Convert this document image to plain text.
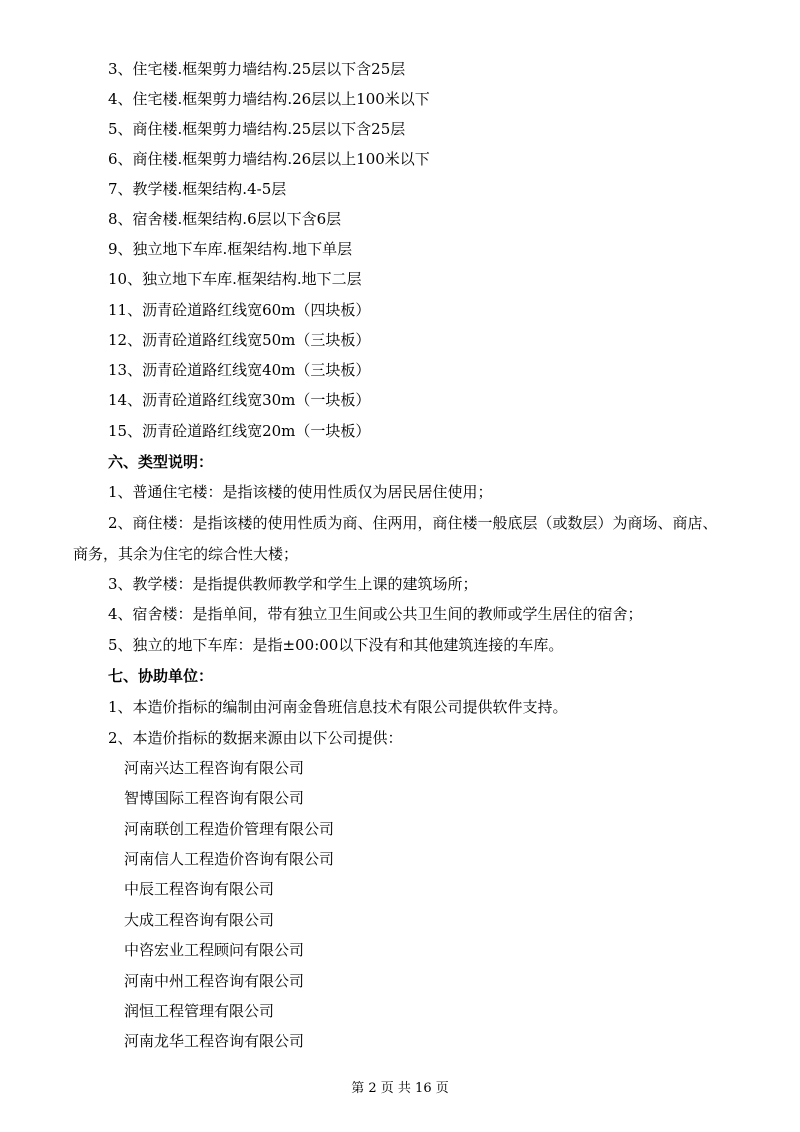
3、住宅楼.框架剪力墙结构.25层以下含25层
4、住宅楼.框架剪力墙结构.26层以上100米以下
5、商住楼.框架剪力墙结构.25层以下含25层
6、商住楼.框架剪力墙结构.26层以上100米以下
7、教学楼.框架结构.4-5层
8、宿舍楼.框架结构.6层以下含6层
9、独立地下车库.框架结构.地下单层
10、独立地下车库.框架结构.地下二层
11、沥青砼道路红线宽60m（四块板）
12、沥青砼道路红线宽50m（三块板）
13、沥青砼道路红线宽40m（三块板）
14、沥青砼道路红线宽30m（一块板）
15、沥青砼道路红线宽20m（一块板）
六、类型说明：
1、普通住宅楼：是指该楼的使用性质仅为居民居住使用；
2、商住楼：是指该楼的使用性质为商、住两用，商住楼一般底层（或数层）为商场、商店、
商务，其余为住宅的综合性大楼；
3、教学楼：是指提供教师教学和学生上课的建筑场所；
4、宿舍楼：是指单间，带有独立卫生间或公共卫生间的教师或学生居住的宿舍；
5、独立的地下车库：是指±00:00以下没有和其他建筑连接的车库。
七、协助单位：
1、本造价指标的编制由河南金鲁班信息技术有限公司提供软件支持。
2、本造价指标的数据来源由以下公司提供：
河南兴达工程咨询有限公司
智博国际工程咨询有限公司
河南联创工程造价管理有限公司
河南信人工程造价咨询有限公司
中辰工程咨询有限公司
大成工程咨询有限公司
中咨宏业工程顾问有限公司
河南中州工程咨询有限公司
润恒工程管理有限公司
河南龙华工程咨询有限公司
第 2 页 共 16 页
